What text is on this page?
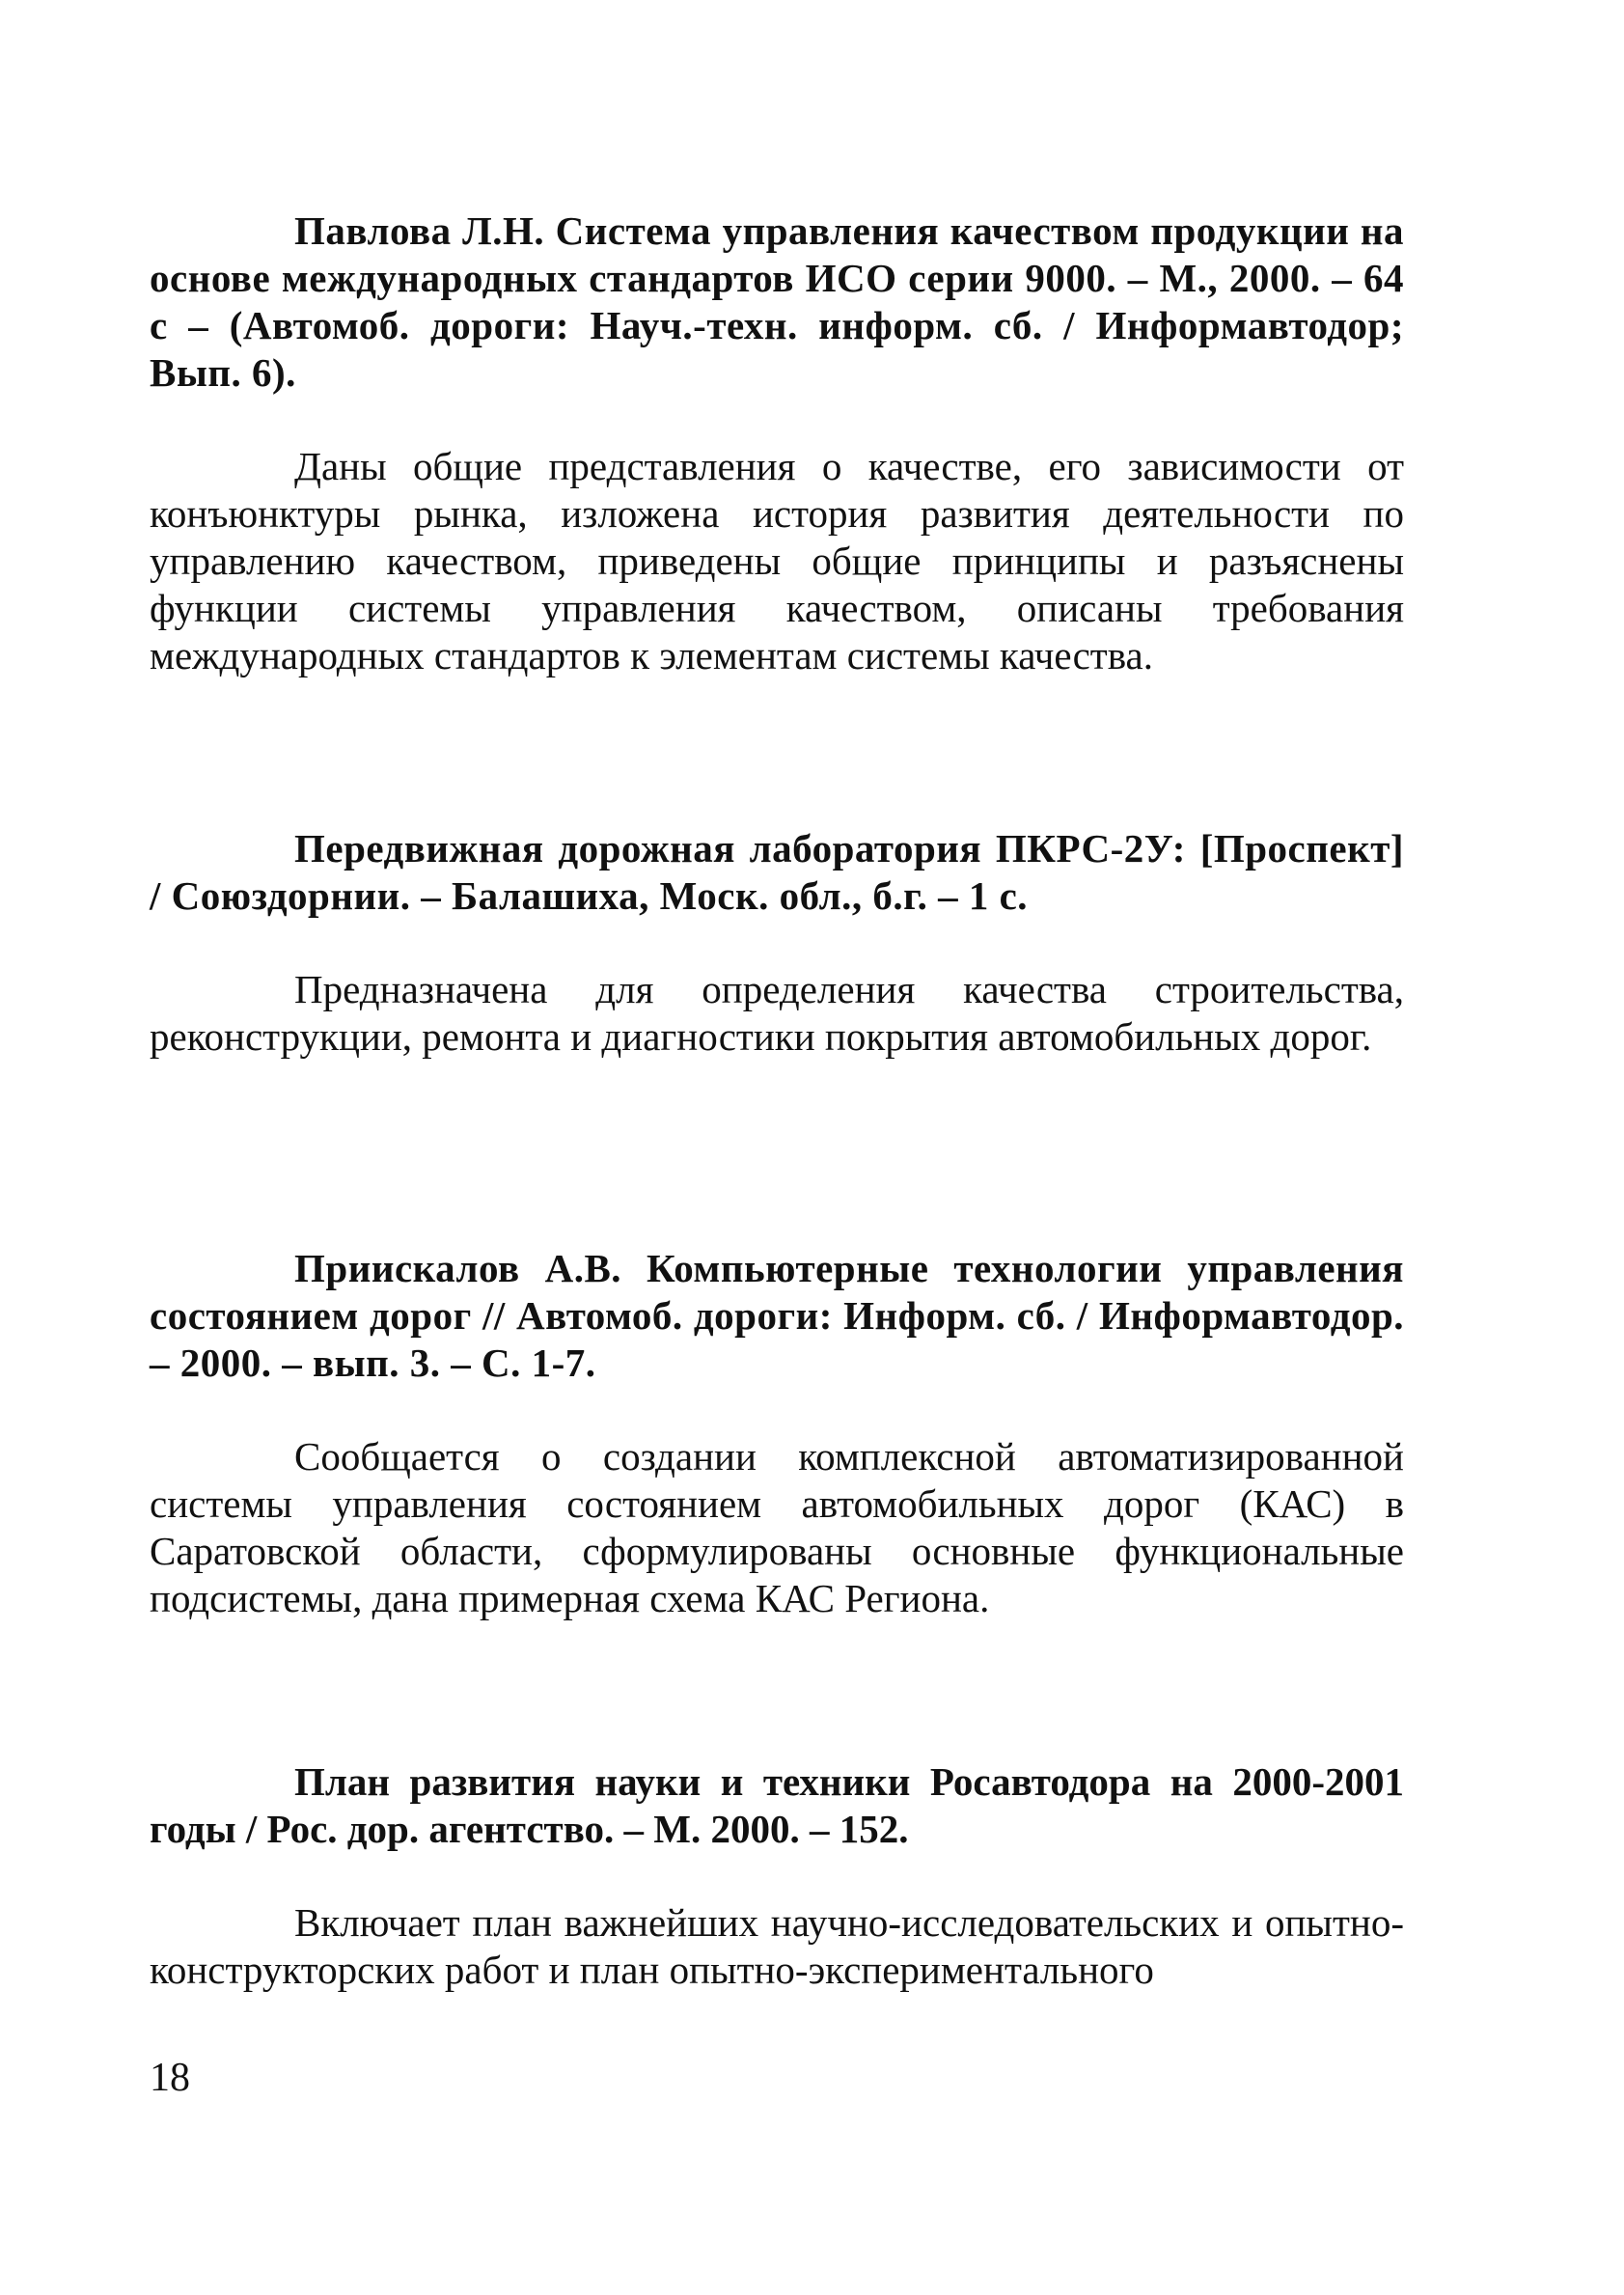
Павлова Л.Н. Система управления качеством продукции на основе международных стандартов ИСО серии 9000. – М., 2000. – 64 с – (Автомоб. дороги: Науч.-техн. информ. сб. / Информавтодор; Вып. 6).

Даны общие представления о качестве, его зависимости от конъюнктуры рынка, изложена история развития деятельности по управлению качеством, приведены общие принципы и разъяснены функции системы управления качеством, описаны требования международных стандартов к элементам системы качества.

Передвижная дорожная лаборатория ПКРС-2У: [Проспект] / Союздорнии. – Балашиха, Моск. обл., б.г. – 1 с.

Предназначена для определения качества строительства, реконструкции, ремонта и диагностики покрытия автомобильных дорог.

Приискалов А.В. Компьютерные технологии управления состоянием дорог // Автомоб. дороги: Информ. сб. / Информавтодор. – 2000. – вып. 3. – С. 1-7.

Сообщается о создании комплексной автоматизированной системы управления состоянием автомобильных дорог (КАС) в Саратовской области, сформулированы основные функциональные подсистемы, дана примерная схема КАС Региона.

План развития науки и техники Росавтодора на 2000-2001 годы / Рос. дор. агентство. – М. 2000. – 152.

Включает план важнейших научно-исследовательских и опытно-конструкторских работ и план опытно-экспериментального

18
